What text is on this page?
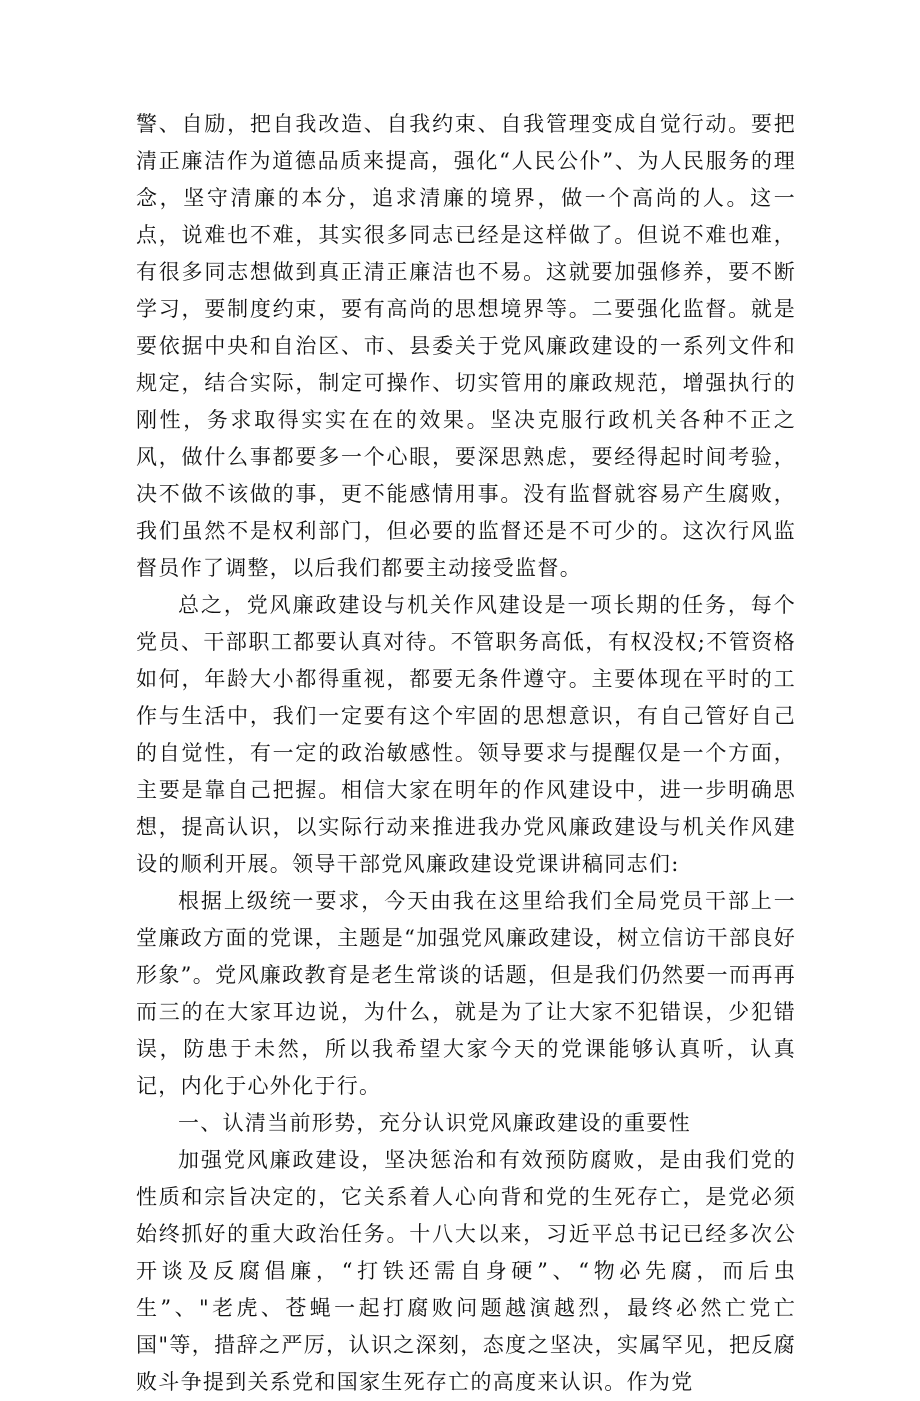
警、自励，把自我改造、自我约束、自我管理变成自觉行动。要把清正廉洁作为道德品质来提高，强化“人民公仆”、为人民服务的理念，坚守清廉的本分，追求清廉的境界，做一个高尚的人。这一点，说难也不难，其实很多同志已经是这样做了。但说不难也难，有很多同志想做到真正清正廉洁也不易。这就要加强修养，要不断学习，要制度约束，要有高尚的思想境界等。二要强化监督。就是要依据中央和自治区、市、县委关于党风廉政建设的一系列文件和规定，结合实际，制定可操作、切实管用的廉政规范，增强执行的刚性，务求取得实实在在的效果。坚决克服行政机关各种不正之风，做什么事都要多一个心眼，要深思熟虑，要经得起时间考验，决不做不该做的事，更不能感情用事。没有监督就容易产生腐败，我们虽然不是权利部门，但必要的监督还是不可少的。这次行风监督员作了调整，以后我们都要主动接受监督。

总之，党风廉政建设与机关作风建设是一项长期的任务，每个党员、干部职工都要认真对待。不管职务高低，有权没权;不管资格如何，年龄大小都得重视，都要无条件遵守。主要体现在平时的工作与生活中，我们一定要有这个牢固的思想意识，有自己管好自己的自觉性，有一定的政治敏感性。领导要求与提醒仅是一个方面，主要是靠自己把握。相信大家在明年的作风建设中，进一步明确思想，提高认识，以实际行动来推进我办党风廉政建设与机关作风建设的顺利开展。领导干部党风廉政建设党课讲稿同志们:

根据上级统一要求，今天由我在这里给我们全局党员干部上一堂廉政方面的党课，主题是“加强党风廉政建设，树立信访干部良好形象”。党风廉政教育是老生常谈的话题，但是我们仍然要一而再再而三的在大家耳边说，为什么，就是为了让大家不犯错误，少犯错误，防患于未然，所以我希望大家今天的党课能够认真听，认真记，内化于心外化于行。

一、认清当前形势，充分认识党风廉政建设的重要性

加强党风廉政建设，坚决惩治和有效预防腐败，是由我们党的性质和宗旨决定的，它关系着人心向背和党的生死存亡，是党必须始终抓好的重大政治任务。十八大以来，习近平总书记已经多次公开谈及反腐倡廉，“打铁还需自身硬”、“物必先腐，而后虫生”、"老虎、苍蝇一起打腐败问题越演越烈，最终必然亡党亡国"等，措辞之严厉，认识之深刻，态度之坚决，实属罕见，把反腐败斗争提到关系党和国家生死存亡的高度来认识。作为党
